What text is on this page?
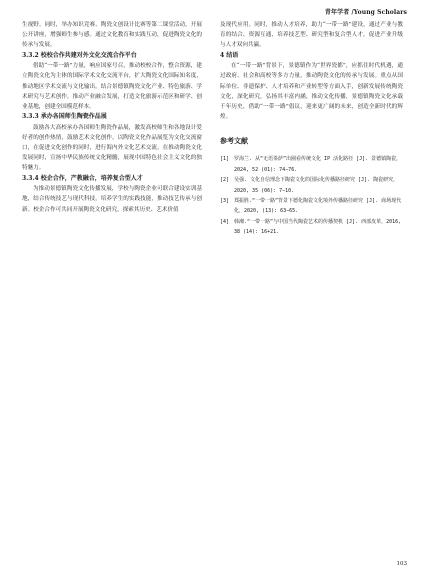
青年学者 /Young Scholars

生视野。同时，举办知识竞赛、陶瓷文创设计比赛等第二课堂活动，开展公开讲座，增强师生参与感。通过文化教育和实践互动，促进陶瓷文化的传承与发展。

3.3.2 校校合作共建对外文化交流合作平台

借助“一带一路”力量，响应国家号召，推动校校合作，整合资源，建立陶瓷文化为主体的国际学术文化交流平台，扩大陶瓷文化国际知名度，推动地区学术交流与文化输出。结合景德镇陶瓷文化产业、特色旅游、学术研究与艺术创作，推动产业融合发展，打造文化旅游示范区和研学、创业基地，创建全国模范样本。

3.3.3 承办各国师生陶瓷作品展

鼓励各大高校承办各国师生陶瓷作品展，激发高校师生和各地设计爱好者的创作热情，鼓励艺术文化创作。以陶瓷文化作品展览为文化交流窗口，在促进文化创作的同时，进行海内外文化艺术交流。在推动陶瓷文化发展同时，宣扬中华民族传统文化精髓，展现中国特色社会主义文化的独特魅力。

3.3.4 校企合作，产教融合，培养复合型人才

为推动景德镇陶瓷文化传播发展，学校与陶瓷企业可联合建设实训基地，结合传统技艺与现代科技，培养学生的实践技能，推动技艺传承与创新。校企合作可共同开展陶瓷文化研究，探索其历史、艺术价值

及现代应用。同时，推动人才培养，助力“一带一路”建设，通过产业与教育的结合、资源互通、培养技艺型、研究型和复合型人才，促进产业升级与人才双向共赢。

4 结语

在“一带一路”背景下，景德镇作为“世界瓷都”，应抓住时代机遇，通过政府、社会和高校等多方力量，推动陶瓷文化的传承与发展。重点从国际单位、非遗保护、人才培养和产业转型等方面入手，创新发展传统陶瓷文化，深化研究，弘扬其丰富内涵，推动文化传播，景德镇陶瓷文化承载千年历史，借助“一带一路”倡议，迎来更广阔的未来，创造全新时代的辉煌。

参考文献
[1] 罗海兰. 从“无语茶萨”出圈看传统文化 IP 活化路径 [J]. 景德镇陶瓷，2024, 52 (01): 74−76.
[2] 吴强. 文化自信理念下陶瓷文化的国际化传播路径研究 [J]. 陶瓷研究，2020, 35 (06): 7−10.
[3] 郑振胜.“一带一路”背景下德化陶瓷文化境外传播路径研究 [J]. 商场现代化，2020, (13): 63−65.
[4] 韩湘.“一带一路”与中国当代陶瓷艺术的传播契机 [J]. 西部皮革，2016, 38 (14): 16+21.
103
